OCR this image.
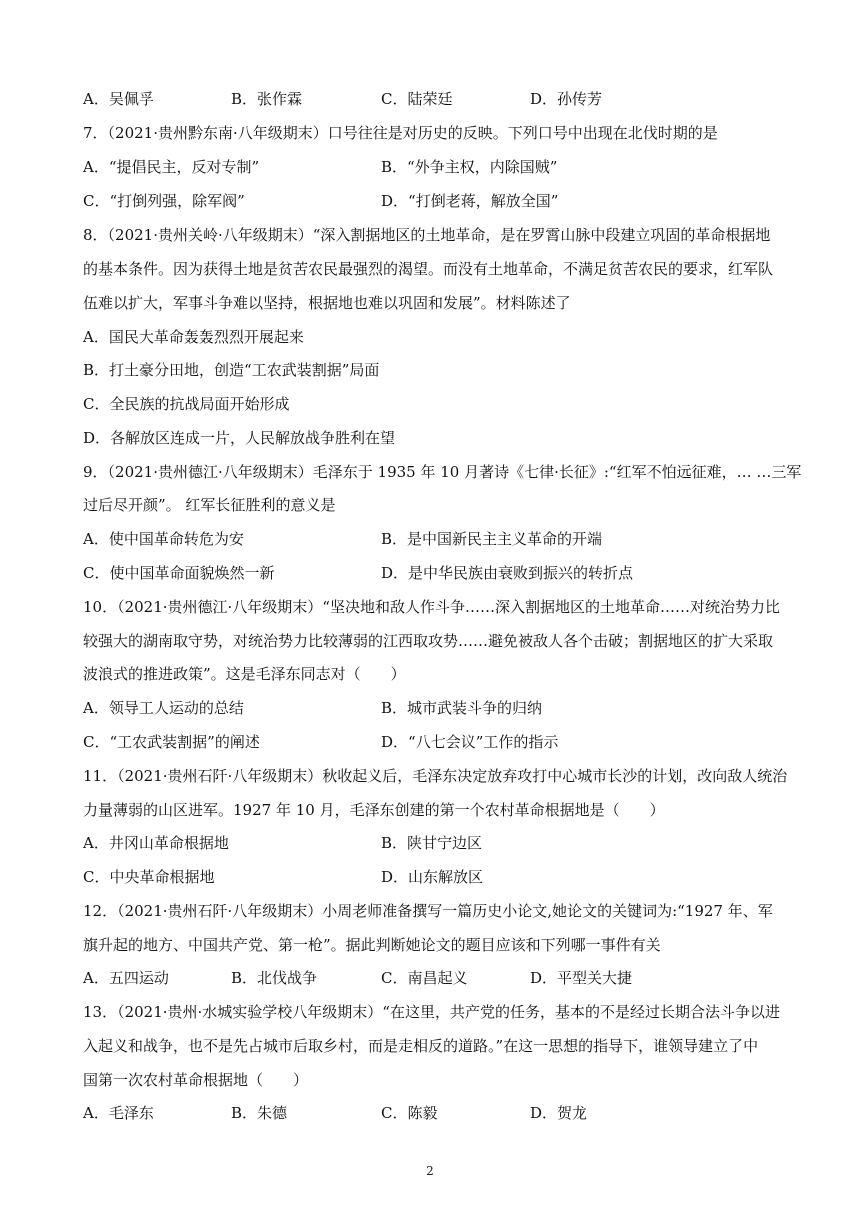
A．吴佩孚	B．张作霖	C．陆荣廷	D．孙传芳
7．（2021·贵州黔东南·八年级期末）口号往往是对历史的反映。下列口号中出现在北伐时期的是
A．“提倡民主，反对专制”	B．“外争主权，内除国贼”
C．“打倒列强，除军阀”	D．“打倒老蒋，解放全国”
8．（2021·贵州关岭·八年级期末）“深入割据地区的土地革命，是在罗霄山脉中段建立巩固的革命根据地
的基本条件。因为获得土地是贫苦农民最强烈的渴望。而没有土地革命，不满足贫苦农民的要求，红军队
伍难以扩大，军事斗争难以坚持，根据地也难以巩固和发展”。材料陈述了
A．国民大革命轰轰烈烈开展起来
B．打土豪分田地，创造“工农武装割据”局面
C．全民族的抗战局面开始形成
D．各解放区连成一片，人民解放战争胜利在望
9．（2021·贵州德江·八年级期末）毛泽东于 1935 年 10 月著诗《七律·长征》:“红军不怕远征难，… …三军
过后尽开颜”。 红军长征胜利的意义是
A．使中国革命转危为安	B．是中国新民主主义革命的开端
C．使中国革命面貌焕然一新	D．是中华民族由衰败到振兴的转折点
10．（2021·贵州德江·八年级期末）“坚决地和敌人作斗争……深入割据地区的土地革命……对统治势力比
较强大的湖南取守势，对统治势力比较薄弱的江西取攻势……避免被敌人各个击破；割据地区的扩大采取
波浪式的推进政策”。这是毛泽东同志对（　　）
A．领导工人运动的总结	B．城市武装斗争的归纳
C．“工农武装割据”的阐述	D．“八七会议”工作的指示
11．（2021·贵州石阡·八年级期末）秋收起义后，毛泽东决定放弃攻打中心城市长沙的计划，改向敌人统治
力量薄弱的山区进军。1927 年 10 月，毛泽东创建的第一个农村革命根据地是（　　）
A．井冈山革命根据地	B．陕甘宁边区
C．中央革命根据地	D．山东解放区
12．（2021·贵州石阡·八年级期末）小周老师准备撰写一篇历史小论文,她论文的关键词为:“1927 年、军
旗升起的地方、中国共产党、第一枪”。据此判断她论文的题目应该和下列哪一事件有关
A．五四运动	B．北伐战争	C．南昌起义	D．平型关大捷
13．（2021·贵州·水城实验学校八年级期末）“在这里，共产党的任务，基本的不是经过长期合法斗争以进
入起义和战争，也不是先占城市后取乡村，而是走相反的道路。”在这一思想的指导下，谁领导建立了中
国第一次农村革命根据地（　　）
A．毛泽东	B．朱德	C．陈毅	D．贺龙
2
